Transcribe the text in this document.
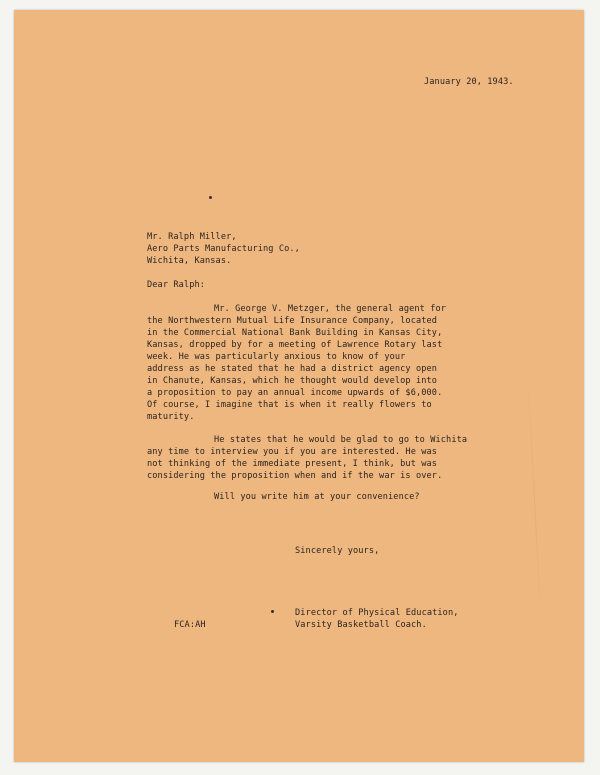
January 20, 1943.
Mr. Ralph Miller,
Aero Parts Manufacturing Co.,
Wichita, Kansas.
Dear Ralph:
Mr. George V. Metzger, the general agent for
the Northwestern Mutual Life Insurance Company, located
in the Commercial National Bank Building in Kansas City,
Kansas, dropped by for a meeting of Lawrence Rotary last
week. He was particularly anxious to know of your
address as he stated that he had a district agency open
in Chanute, Kansas, which he thought would develop into
a proposition to pay an annual income upwards of $6,000.
Of course, I imagine that is when it really flowers to
maturity.
He states that he would be glad to go to Wichita
any time to interview you if you are interested. He was
not thinking of the immediate present, I think, but was
considering the proposition when and if the war is over.
Will you write him at your convenience?
Sincerely yours,
Director of Physical Education,
Varsity Basketball Coach.
FCA:AH
